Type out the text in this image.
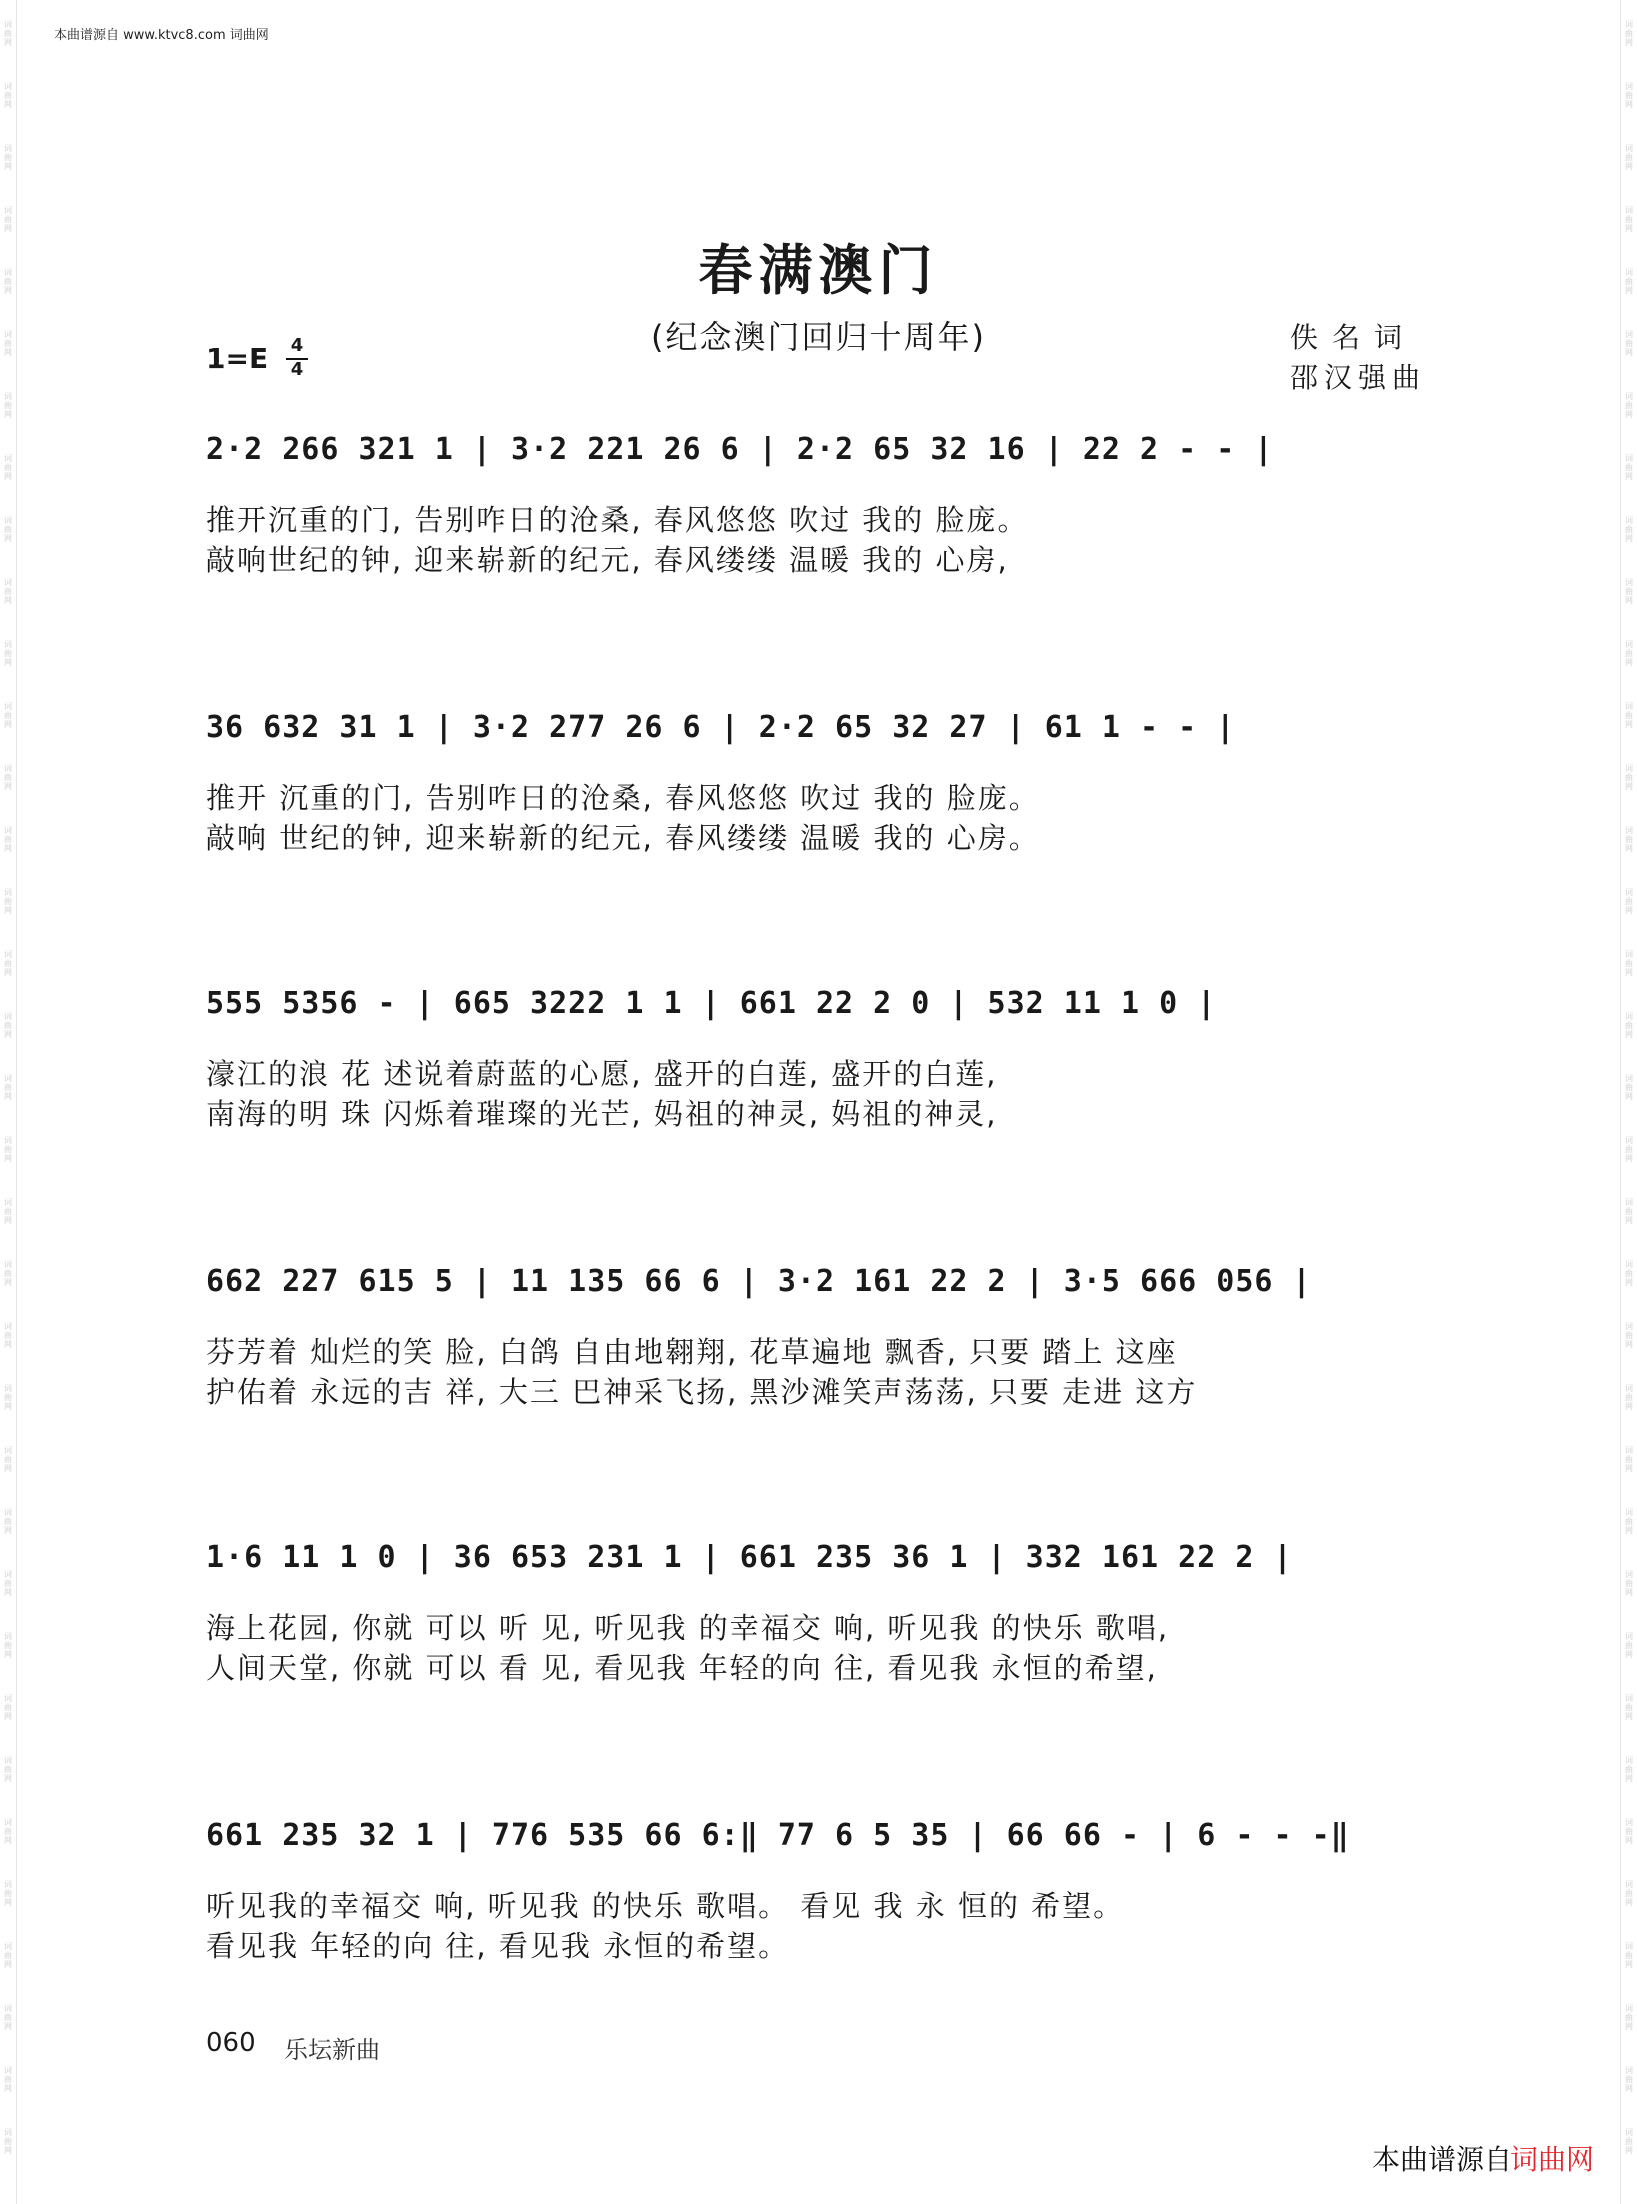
词曲网
词曲网
词曲网
词曲网
词曲网
词曲网
词曲网
词曲网
词曲网
词曲网
词曲网
词曲网
词曲网
词曲网
词曲网
词曲网
词曲网
词曲网
词曲网
词曲网
词曲网
词曲网
词曲网
词曲网
词曲网
词曲网
词曲网
词曲网
词曲网
词曲网
词曲网
词曲网
词曲网
词曲网
词曲网
词曲网
词曲网
词曲网
词曲网
词曲网
词曲网
词曲网
词曲网
词曲网
词曲网
词曲网
词曲网
词曲网
词曲网
词曲网
词曲网
词曲网
词曲网
词曲网
词曲网
词曲网
词曲网
词曲网
词曲网
词曲网
词曲网
词曲网
词曲网
词曲网
词曲网
词曲网
词曲网
词曲网
词曲网
词曲网
本曲谱源自 www.ktvc8.com 词曲网
春满澳门
(纪念澳门回归十周年)
1=E 4
4
佚名词
邵汉强曲
2·2 266 321 1 | 3·2 221 26 6 | 2·2 65 32 16 | 22 2 - - |
推开沉重的门, 告别咋日的沧桑, 春风悠悠 吹过 我的 脸庞。
敲响世纪的钟, 迎来崭新的纪元, 春风缕缕 温暖 我的 心房,
36 632 31 1 | 3·2 277 26 6 | 2·2 65 32 27 | 61 1 - - |
推开 沉重的门, 告别咋日的沧桑, 春风悠悠 吹过 我的 脸庞。
敲响 世纪的钟, 迎来崭新的纪元, 春风缕缕 温暖 我的 心房。
555 5356 - | 665 3222 1 1 | 661 22 2 0 | 532 11 1 0 |
濠江的浪 花 述说着蔚蓝的心愿, 盛开的白莲, 盛开的白莲,
南海的明 珠 闪烁着璀璨的光芒, 妈祖的神灵, 妈祖的神灵,
662 227 615 5 | 11 135 66 6 | 3·2 161 22 2 | 3·5 666 056 |
芬芳着 灿烂的笑 脸, 白鸽 自由地翱翔, 花草遍地 飘香, 只要 踏上 这座
护佑着 永远的吉 祥, 大三 巴神采飞扬, 黑沙滩笑声荡荡, 只要 走进 这方
1·6 11 1 0 | 36 653 231 1 | 661 235 36 1 | 332 161 22 2 |
海上花园, 你就 可以 听 见, 听见我 的幸福交 响, 听见我 的快乐 歌唱,
人间天堂, 你就 可以 看 见, 看见我 年轻的向 往, 看见我 永恒的希望,
661 235 32 1 | 776 535 66 6:‖ 77 6 5 35 | 66 66 - | 6 - - -‖
听见我的幸福交 响, 听见我 的快乐 歌唱。 看见 我 永 恒的 希望。
看见我 年轻的向 往, 看见我 永恒的希望。
060 乐坛新曲
本曲谱源自
词曲网
